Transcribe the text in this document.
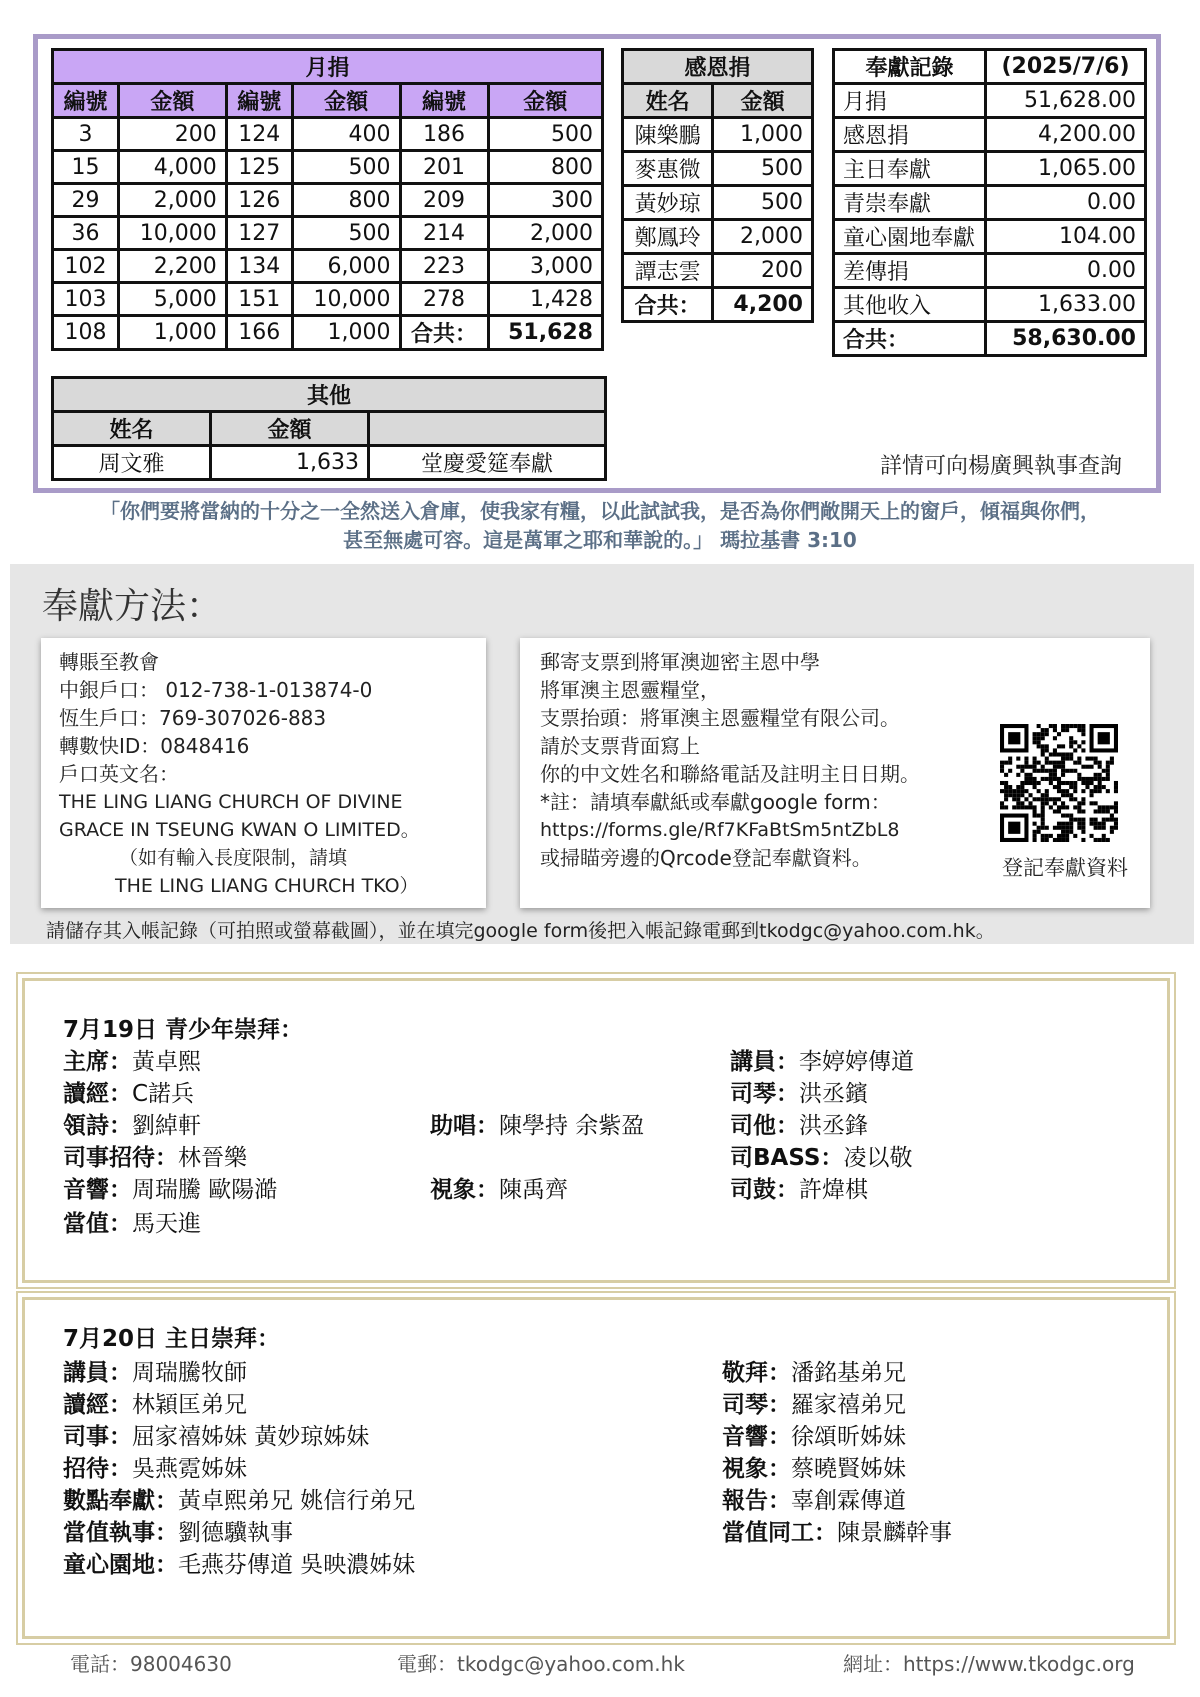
月捐					
編號	金額	編號	金額	編號	金額
3	200	124	400	186	500
15	4,000	125	500	201	800
29	2,000	126	800	209	300
36	10,000	127	500	214	2,000
102	2,200	134	6,000	223	3,000
103	5,000	151	10,000	278	1,428
108	1,000	166	1,000	合共：	51,628
感恩捐	
姓名	金額
陳樂鵬	1,000
麥惠微	500
黃妙琼	500
鄭鳳玲	2,000
譚志雲	200
合共：	4,200
奉獻記錄	(2025/7/6)
月捐	51,628.00
感恩捐	4,200.00
主日奉獻	1,065.00
青崇奉獻	0.00
童心園地奉獻	104.00
差傳捐	0.00
其他收入	1,633.00
合共：	58,630.00
其他		
姓名	金額	
周文雅	1,633	堂慶愛筵奉獻	詳情可向楊廣興執事查詢
「你們要將當納的十分之一全然送入倉庫，使我家有糧，以此試試我，是否為你們敞開天上的窗戶，傾福與你們，
甚至無處可容。這是萬軍之耶和華說的。」 瑪拉基書 3:10
奉獻方法：
轉賬至教會
中銀戶口： 012-738-1-013874-0
恆生戶口：769-307026-883
轉數快ID：0848416
戶口英文名：
THE LING LIANG CHURCH OF DIVINE
GRACE IN TSEUNG KWAN O LIMITED。
（如有輸入長度限制，請填
THE LING LIANG CHURCH TKO）
郵寄支票到將軍澳迦密主恩中學
將軍澳主恩靈糧堂，
支票抬頭：將軍澳主恩靈糧堂有限公司。
請於支票背面寫上
你的中文姓名和聯絡電話及註明主日日期。
*註：請填奉獻紙或奉獻google form：
https://forms.gle/Rf7KFaBtSm5ntZbL8
或掃瞄旁邊的Qrcode登記奉獻資料。	登記奉獻資料
請儲存其入帳記錄（可拍照或螢幕截圖），並在填完google form後把入帳記錄電郵到tkodgc@yahoo.com.hk。
7月19日 青少年崇拜：
主席：黃卓熙
讀經：C諾兵
領詩：劉綽軒
司事招待：林晉樂
音響：周瑞騰 歐陽澔
當值：馬天進
助唱：陳學持 余紫盈
視象：陳禹齊
講員：李婷婷傳道
司琴：洪丞鑌
司他：洪丞鋒
司BASS：凌以敬
司鼓：許煒棋
7月20日 主日崇拜：
講員：周瑞騰牧師
讀經：林穎匡弟兄
司事：屈家禧姊妹 黃妙琼姊妹
招待：吳燕霓姊妹
數點奉獻：黃卓熙弟兄 姚信行弟兄
當值執事：劉德驥執事
童心園地：毛燕芬傳道 吳映濃姊妹
敬拜：潘銘基弟兄
司琴：羅家禧弟兄
音響：徐頌昕姊妹
視象：蔡曉賢姊妹
報告：辜創霖傳道
當值同工：陳景麟幹事
電話：98004630	電郵：tkodgc@yahoo.com.hk	網址：https://www.tkodgc.org
